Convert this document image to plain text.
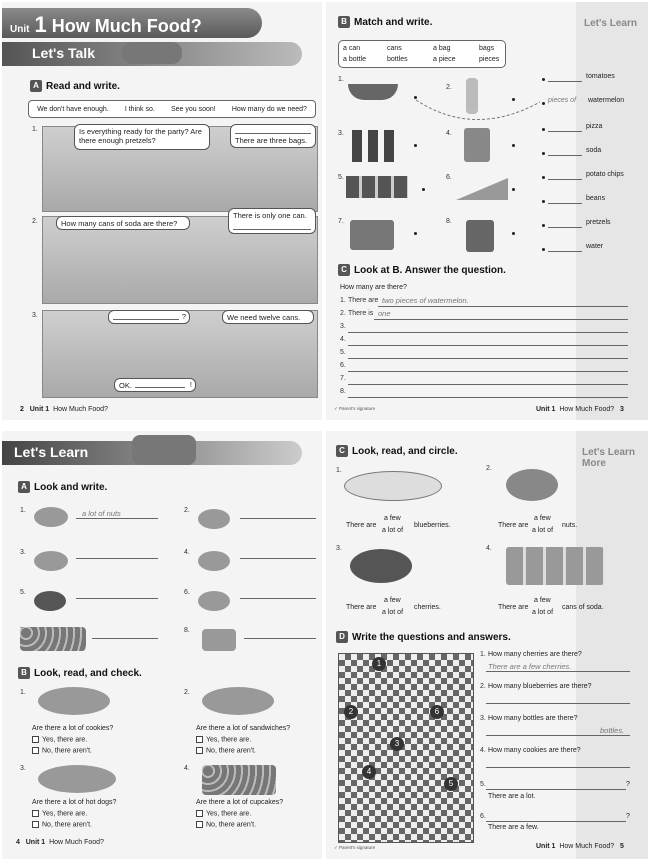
Unit 1 How Much Food?
Let's Talk
A Read and write.
We don't have enough. I think so. See you soon! How many do we need?
1.	Is everything ready for the party? Are there enough pretzels?	There are three bags.
2.	How many cans of soda are there?
There is only one can.
3.	?	We need twelve cans.
OK.	!
2 Unit 1 How Much Food?
Let's Learn
B Match and write.
a can	cans	a bag	bags
a bottle	bottles	a piece	pieces
1.
2.
3.	4.
5.	6.
7.	8.
tomatoes
pieces of watermelon
pizza
soda
potato chips
beans
pretzels
water
C Look at B. Answer the question.
How many are there?
1. There are two pieces of watermelon.
2. There is one
3.
4.
5.
6.
7.
8.
✓ Parent's signature	Unit 1 How Much Food? 3
Let's Learn
A Look and write.
1.	a lot of nuts	2.
3.	4.
5.	6.
8.
B Look, read, and check.
1.
Are there a lot of cookies?
Yes, there are.
No, there aren't.
2.
Are there a lot of sandwiches?
Yes, there are.
No, there aren't.
3.
Are there a lot of hot dogs?
Yes, there are.
No, there aren't.
4.
Are there a lot of cupcakes?
Yes, there are.
No, there aren't.
4 Unit 1 How Much Food?
Let's Learn More
C Look, read, and circle.
1.
There are
a few
a lot of
blueberries.
2.
There are
a few
a lot of
nuts.
3.
There are
a few
a lot of
cherries.
4.
There are
a few
a lot of
cans of soda.
D Write the questions and answers.
1
2
3
4
5
6
1. How many cherries are there?
There are a few cherries.
2. How many blueberries are there?
3. How many bottles are there?
bottles.
4. How many cookies are there?
5.	?
There are a lot.
6.	?
There are a few.
✓ Parent's signature	Unit 1 How Much Food? 5
